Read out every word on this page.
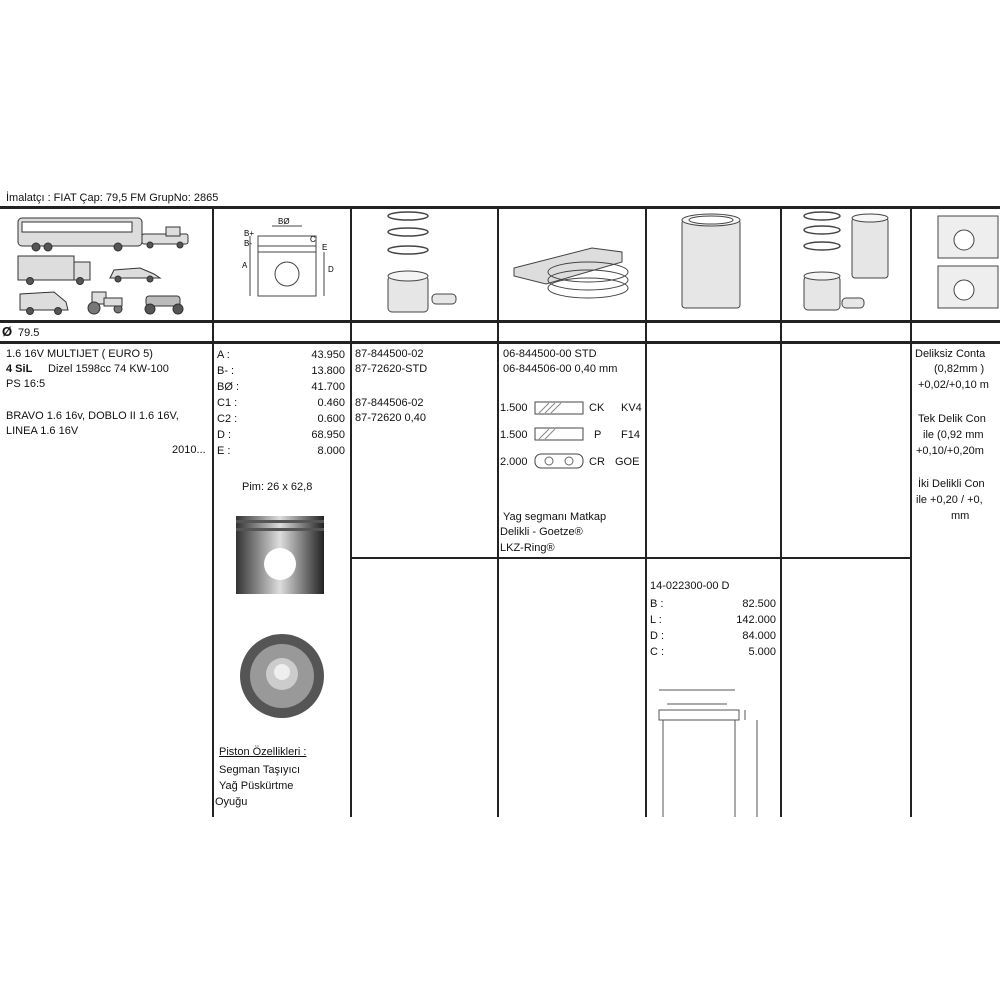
İmalatçı : FIAT Çap: 79,5 FM GrupNo: 2865
A
B+
B-
BØ
C
E
D
Ø 79.5
1.6 16V MULTIJET ( EURO 5)
4 SiL Dizel 1598cc 74 KW-100
PS 16:5
BRAVO 1.6 16v, DOBLO II 1.6 16V,
LINEA 1.6 16V
2010...
A :	43.950
B- :	13.800
BØ :	41.700
C1 :	0.460
C2 :	0.600
D :	68.950
E :	8.000
Pim: 26 x 62,8
Piston Özellikleri :
Segman Taşıyıcı
Yağ Püskürtme
Oyuğu
87-844500-02
87-72620-STD
87-844506-02
87-72620 0,40
06-844500-00 STD
06-844506-00 0,40 mm
1.500	CK KV4
1.500	P F14
2.000	CR GOE
Yag segmanı Matkap
Delikli - Goetze®
LKZ-Ring®
14-022300-00 D
B :	82.500
L :	142.000
D :	84.000
C :	5.000
Deliksiz Conta
(0,82mm )
+0,02/+0,10 m
Tek Delik Con
ile (0,92 mm
+0,10/+0,20m
İki Delikli Con
ile +0,20 / +0,
mm
